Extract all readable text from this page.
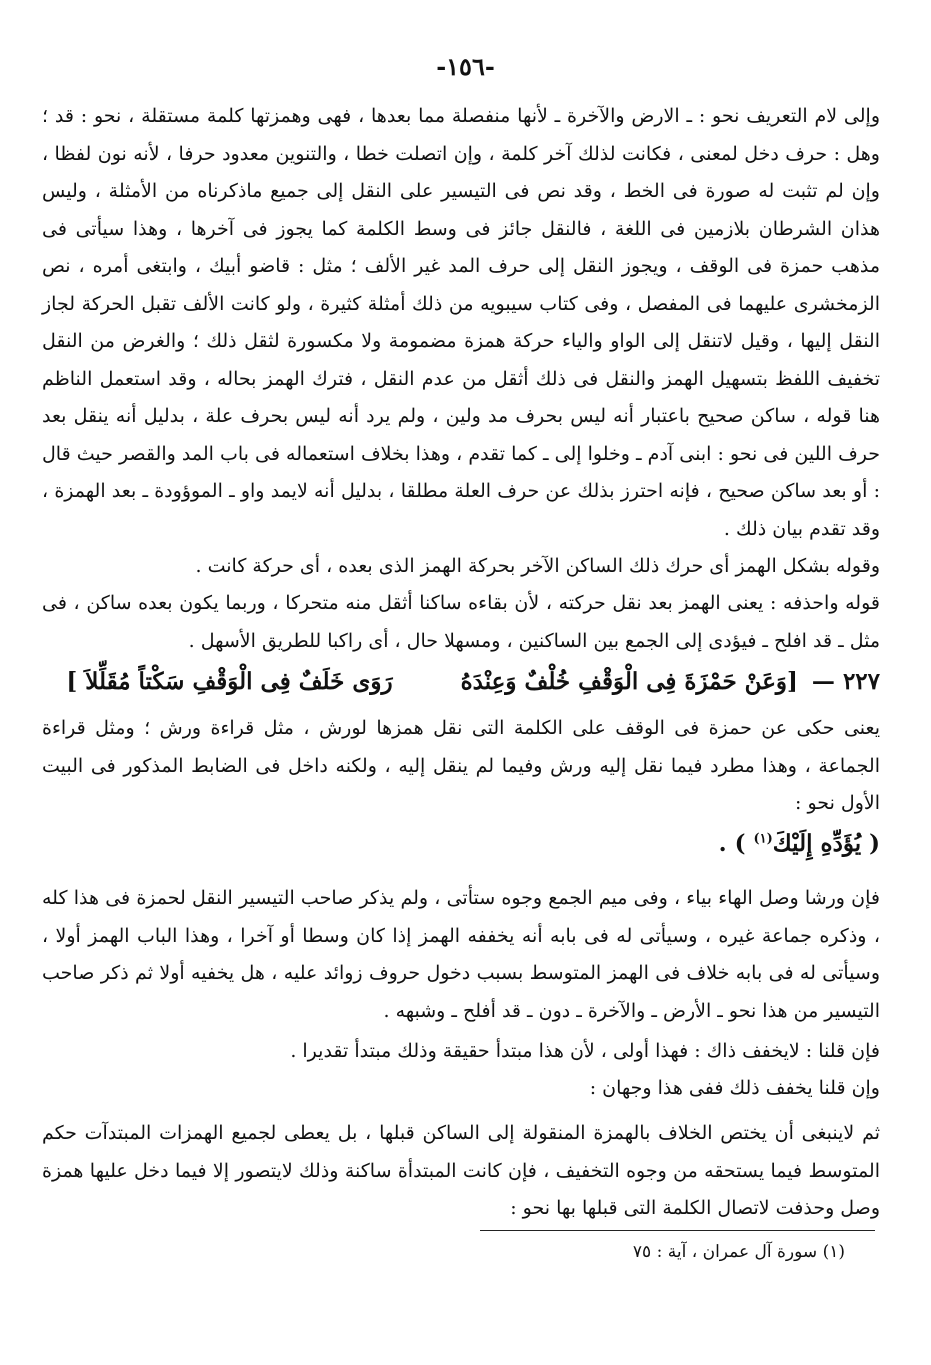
-١٥٦-

وإلى لام التعريف نحو : ـ الارض والآخرة ـ لأنها منفصلة مما بعدها ، فهى وهمزتها كلمة مستقلة ، نحو : قد ؛ وهل : حرف دخل لمعنى ، فكانت لذلك آخر كلمة ، وإن اتصلت خطا ، والتنوين معدود حرفا ، لأنه نون لفظا ، وإن لم تثبت له صورة فى الخط ، وقد نص فى التيسير على النقل إلى جميع ماذكرناه من الأمثلة ، وليس هذان الشرطان بلازمين فى اللغة ، فالنقل جائز فى وسط الكلمة كما يجوز فى آخرها ، وهذا سيأتى فى مذهب حمزة فى الوقف ، ويجوز النقل إلى حرف المد غير الألف ؛ مثل : قاضو أبيك ، وابتغى أمره ، نص الزمخشرى عليهما فى المفصل ، وفى كتاب سيبويه من ذلك أمثلة كثيرة ، ولو كانت الألف تقبل الحركة لجاز النقل إليها ، وقيل لاتنقل إلى الواو والياء حركة همزة مضمومة ولا مكسورة لثقل ذلك ؛ والغرض من النقل تخفيف اللفظ بتسهيل الهمز والنقل فى ذلك أثقل من عدم النقل ، فترك الهمز بحاله ، وقد استعمل الناظم هنا قوله ، ساكن صحيح باعتبار أنه ليس بحرف مد ولين ، ولم يرد أنه ليس بحرف علة ، بدليل أنه ينقل بعد حرف اللين فى نحو : ابنى آدم ـ وخلوا إلى ـ كما تقدم ، وهذا بخلاف استعماله فى باب المد والقصر حيث قال : أو بعد ساكن صحيح ، فإنه احترز بذلك عن حرف العلة مطلقا ، بدليل أنه لايمد واو ـ الموؤودة ـ بعد الهمزة ، وقد تقدم بيان ذلك .

وقوله بشكل الهمز أى حرك ذلك الساكن الآخر بحركة الهمز الذى بعده ، أى حركة كانت .

قوله واحذفه : يعنى الهمز بعد نقل حركته ، لأن بقاءه ساكنا أثقل منه متحركا ، وربما يكون بعده ساكن ، فى مثل ـ قد افلح ـ فيؤدى إلى الجمع بين الساكنين ، ومسهلا حال ، أى راكبا للطريق الأسهل .

٢٢٧ — [وَعَنْ حَمْزَةَ فِى الْوَقْفِ خُلْفٌ وَعِنْدَهُ رَوَى خَلَفٌ فِى الْوَقْفِ سَكْتاً مُقَلِّلاَ ]

يعنى حكى عن حمزة فى الوقف على الكلمة التى نقل همزها لورش ، مثل قراءة ورش ؛ ومثل قراءة الجماعة ، وهذا مطرد فيما نقل إليه ورش وفيما لم ينقل إليه ، ولكنه داخل فى الضابط المذكور فى البيت الأول نحو :

( يُؤَدِّهِ إِلَيْكَ$^{(١)}$ ) .

فإن ورشا وصل الهاء بياء ، وفى ميم الجمع وجوه ستأتى ، ولم يذكر صاحب التيسير النقل لحمزة فى هذا كله ، وذكره جماعة غيره ، وسيأتى له فى بابه أنه يخففه الهمز إذا كان وسطا أو آخرا ، وهذا الباب الهمز أولا ، وسيأتى له فى بابه خلاف فى الهمز المتوسط بسبب دخول حروف زوائد عليه ، هل يخفيه أولا ثم ذكر صاحب التيسير من هذا نحو ـ الأرض ـ والآخرة ـ دون ـ قد أفلح ـ وشبهه .

فإن قلنا : لايخفف ذاك : فهذا أولى ، لأن هذا مبتدأ حقيقة وذلك مبتدأ تقديرا .

وإن قلنا يخفف ذلك ففى هذا وجهان :

ثم لاينبغى أن يختص الخلاف بالهمزة المنقولة إلى الساكن قبلها ، بل يعطى لجميع الهمزات المبتدآت حكم المتوسط فيما يستحقه من وجوه التخفيف ، فإن كانت المبتدأة ساكنة وذلك لايتصور إلا فيما دخل عليها همزة وصل وحذفت لاتصال الكلمة التى قبلها بها نحو :

(١) سورة آل عمران ، آية : ٧٥
